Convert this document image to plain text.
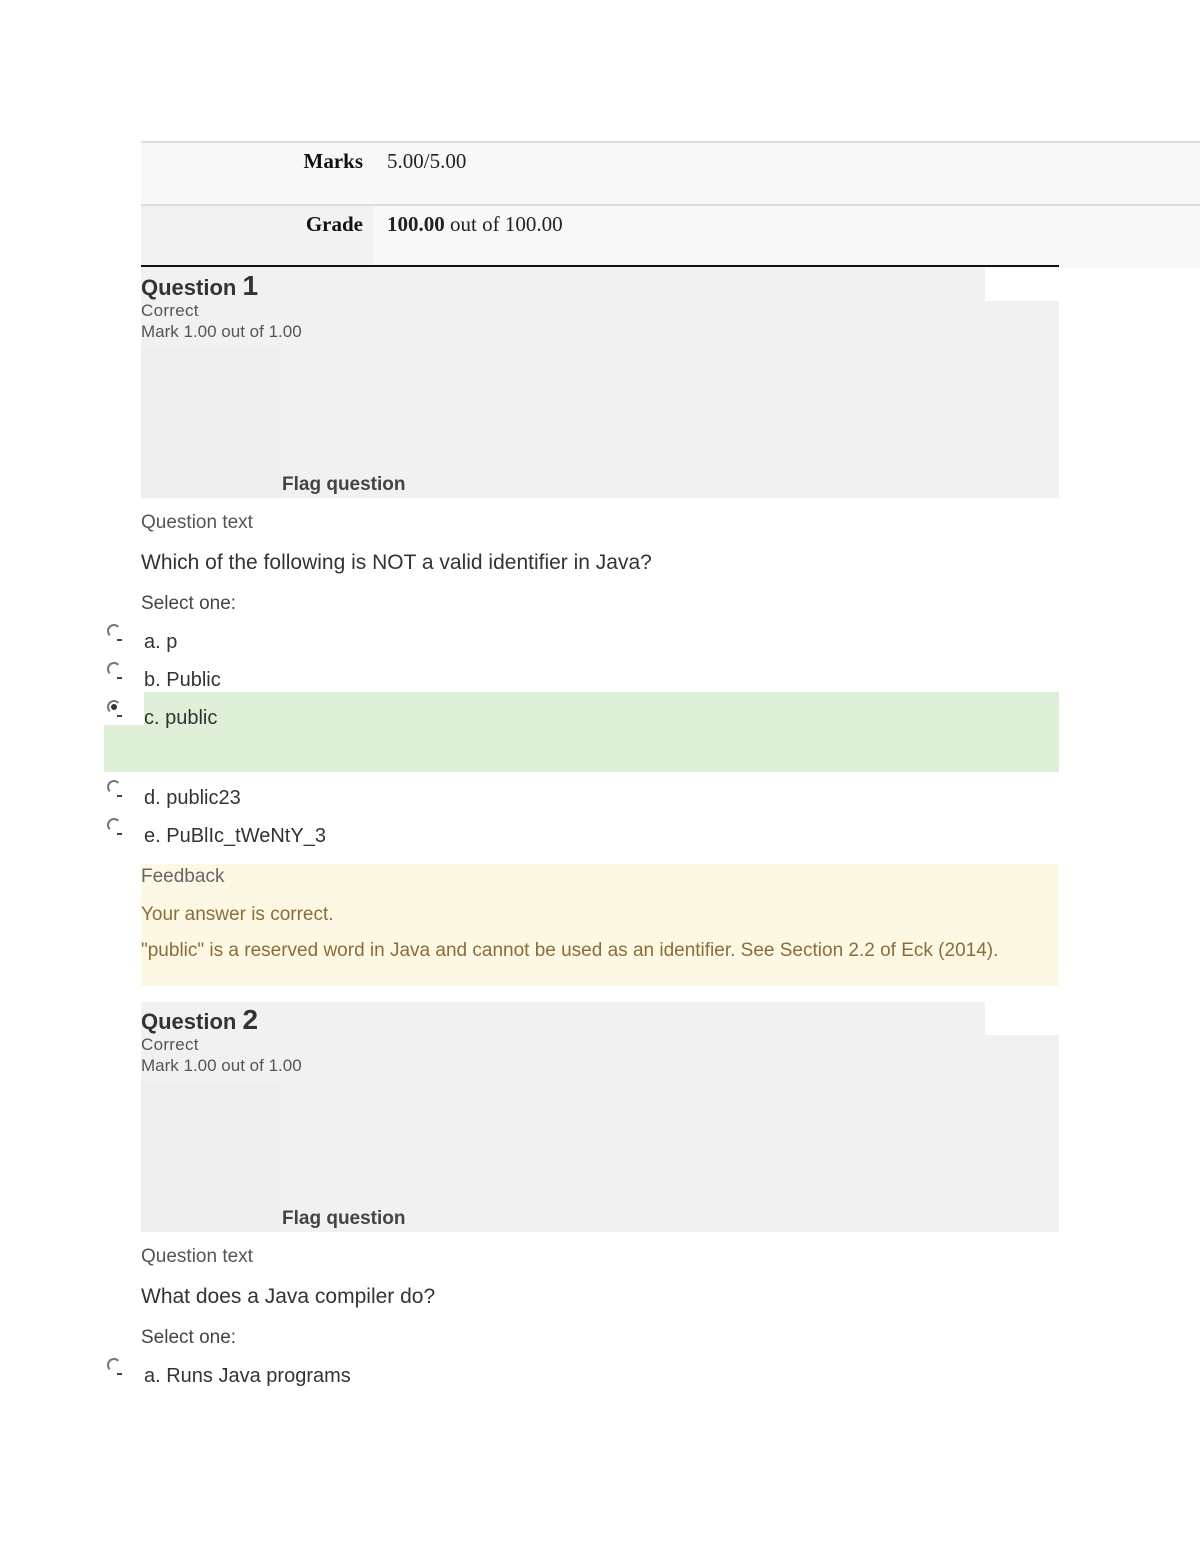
Marks	5.00/5.00
Grade	100.00 out of 100.00
Question 1
Correct
Mark 1.00 out of 1.00
Flag question
Question text
Which of the following is NOT a valid identifier in Java?
Select one:
a. p
b. Public
c. public
d. public23
e. PuBlIc_tWeNtY_3
Feedback
Your answer is correct.
"public" is a reserved word in Java and cannot be used as an identifier. See Section 2.2 of Eck (2014).
Question 2
Correct
Mark 1.00 out of 1.00
Flag question
Question text
What does a Java compiler do?
Select one:
a. Runs Java programs
